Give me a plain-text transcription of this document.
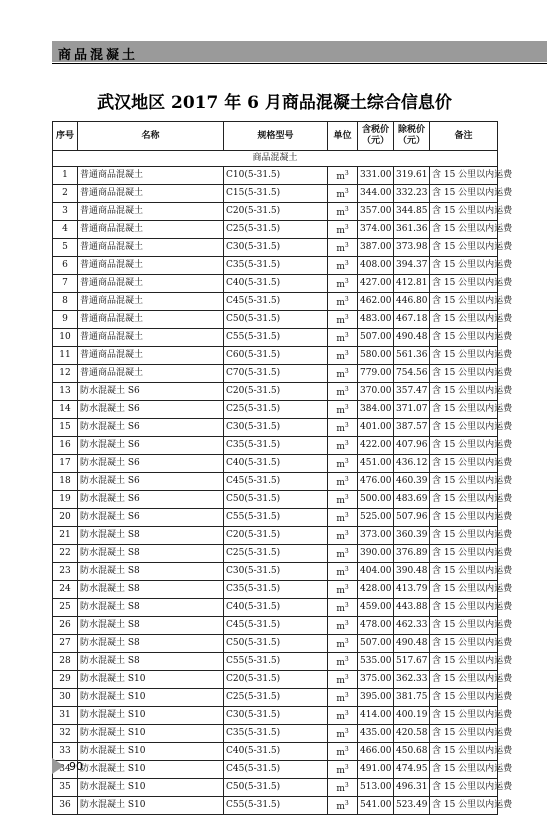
商品混凝土
武汉地区 2017 年 6 月商品混凝土综合信息价
序号	名称	规格型号	单位	含税价（元）	除税价（元）	备注
商品混凝土						
1	普通商品混凝土	C10(5-31.5)	$m^3$	331.00	319.61	含 15 公里以内运费
2	普通商品混凝土	C15(5-31.5)	$m^3$	344.00	332.23	含 15 公里以内运费
3	普通商品混凝土	C20(5-31.5)	$m^3$	357.00	344.85	含 15 公里以内运费
4	普通商品混凝土	C25(5-31.5)	$m^3$	374.00	361.36	含 15 公里以内运费
5	普通商品混凝土	C30(5-31.5)	$m^3$	387.00	373.98	含 15 公里以内运费
6	普通商品混凝土	C35(5-31.5)	$m^3$	408.00	394.37	含 15 公里以内运费
7	普通商品混凝土	C40(5-31.5)	$m^3$	427.00	412.81	含 15 公里以内运费
8	普通商品混凝土	C45(5-31.5)	$m^3$	462.00	446.80	含 15 公里以内运费
9	普通商品混凝土	C50(5-31.5)	$m^3$	483.00	467.18	含 15 公里以内运费
10	普通商品混凝土	C55(5-31.5)	$m^3$	507.00	490.48	含 15 公里以内运费
11	普通商品混凝土	C60(5-31.5)	$m^3$	580.00	561.36	含 15 公里以内运费
12	普通商品混凝土	C70(5-31.5)	$m^3$	779.00	754.56	含 15 公里以内运费
13	防水混凝土 S6	C20(5-31.5)	$m^3$	370.00	357.47	含 15 公里以内运费
14	防水混凝土 S6	C25(5-31.5)	$m^3$	384.00	371.07	含 15 公里以内运费
15	防水混凝土 S6	C30(5-31.5)	$m^3$	401.00	387.57	含 15 公里以内运费
16	防水混凝土 S6	C35(5-31.5)	$m^3$	422.00	407.96	含 15 公里以内运费
17	防水混凝土 S6	C40(5-31.5)	$m^3$	451.00	436.12	含 15 公里以内运费
18	防水混凝土 S6	C45(5-31.5)	$m^3$	476.00	460.39	含 15 公里以内运费
19	防水混凝土 S6	C50(5-31.5)	$m^3$	500.00	483.69	含 15 公里以内运费
20	防水混凝土 S6	C55(5-31.5)	$m^3$	525.00	507.96	含 15 公里以内运费
21	防水混凝土 S8	C20(5-31.5)	$m^3$	373.00	360.39	含 15 公里以内运费
22	防水混凝土 S8	C25(5-31.5)	$m^3$	390.00	376.89	含 15 公里以内运费
23	防水混凝土 S8	C30(5-31.5)	$m^3$	404.00	390.48	含 15 公里以内运费
24	防水混凝土 S8	C35(5-31.5)	$m^3$	428.00	413.79	含 15 公里以内运费
25	防水混凝土 S8	C40(5-31.5)	$m^3$	459.00	443.88	含 15 公里以内运费
26	防水混凝土 S8	C45(5-31.5)	$m^3$	478.00	462.33	含 15 公里以内运费
27	防水混凝土 S8	C50(5-31.5)	$m^3$	507.00	490.48	含 15 公里以内运费
28	防水混凝土 S8	C55(5-31.5)	$m^3$	535.00	517.67	含 15 公里以内运费
29	防水混凝土 S10	C20(5-31.5)	$m^3$	375.00	362.33	含 15 公里以内运费
30	防水混凝土 S10	C25(5-31.5)	$m^3$	395.00	381.75	含 15 公里以内运费
31	防水混凝土 S10	C30(5-31.5)	$m^3$	414.00	400.19	含 15 公里以内运费
32	防水混凝土 S10	C35(5-31.5)	$m^3$	435.00	420.58	含 15 公里以内运费
33	防水混凝土 S10	C40(5-31.5)	$m^3$	466.00	450.68	含 15 公里以内运费
34	防水混凝土 S10	C45(5-31.5)	$m^3$	491.00	474.95	含 15 公里以内运费
35	防水混凝土 S10	C50(5-31.5)	$m^3$	513.00	496.31	含 15 公里以内运费
36	防水混凝土 S10	C55(5-31.5)	$m^3$	541.00	523.49	含 15 公里以内运费
90
